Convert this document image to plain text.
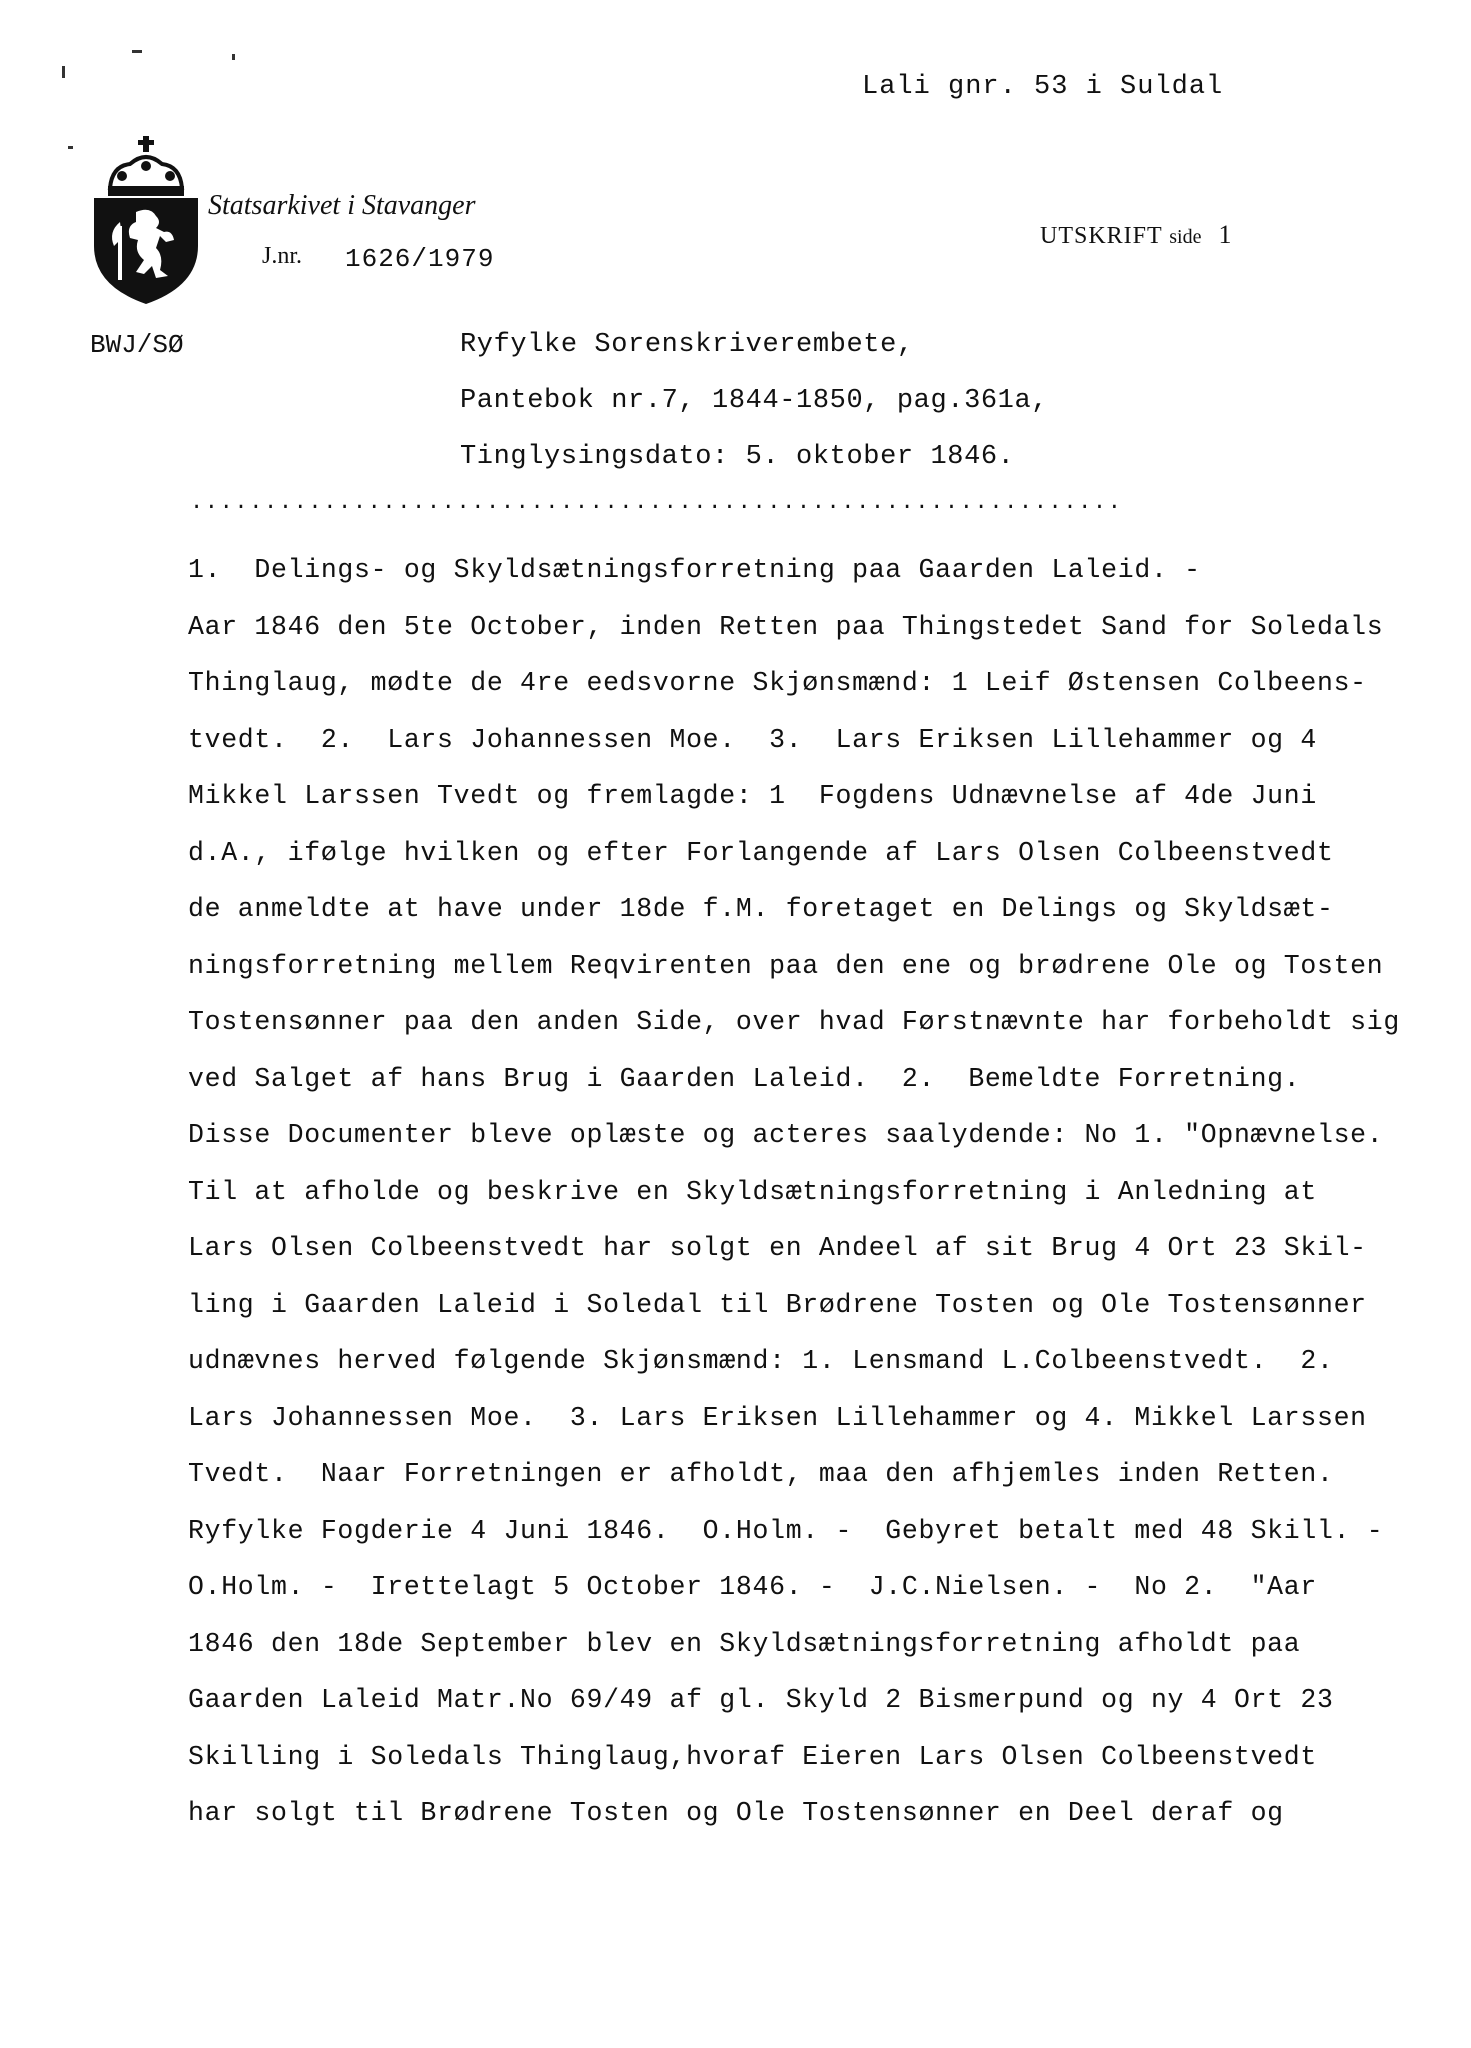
Lali gnr. 53 i Suldal
Statsarkivet i Stavanger
J.nr. 1626/1979
UTSKRIFT side 1
BWJ/SØ	Ryfylke Sorenskriverembete,
Pantebok nr.7, 1844-1850, pag.361a,
Tinglysingsdato: 5. oktober 1846.
...............................................................
1.  Delings- og Skyldsætningsforretning paa Gaarden Laleid. -
Aar 1846 den 5te October, inden Retten paa Thingstedet Sand for Soledals
Thinglaug, mødte de 4re eedsvorne Skjønsmænd: 1 Leif Østensen Colbeens-
tvedt.  2.  Lars Johannessen Moe.  3.  Lars Eriksen Lillehammer og 4
Mikkel Larssen Tvedt og fremlagde: 1  Fogdens Udnævnelse af 4de Juni
d.A., ifølge hvilken og efter Forlangende af Lars Olsen Colbeenstvedt
de anmeldte at have under 18de f.M. foretaget en Delings og Skyldsæt-
ningsforretning mellem Reqvirenten paa den ene og brødrene Ole og Tosten
Tostensønner paa den anden Side, over hvad Førstnævnte har forbeholdt sig
ved Salget af hans Brug i Gaarden Laleid.  2.  Bemeldte Forretning.
Disse Documenter bleve oplæste og acteres saalydende: No 1. "Opnævnelse.
Til at afholde og beskrive en Skyldsætningsforretning i Anledning at
Lars Olsen Colbeenstvedt har solgt en Andeel af sit Brug 4 Ort 23 Skil-
ling i Gaarden Laleid i Soledal til Brødrene Tosten og Ole Tostensønner
udnævnes herved følgende Skjønsmænd: 1. Lensmand L.Colbeenstvedt.  2.
Lars Johannessen Moe.  3. Lars Eriksen Lillehammer og 4. Mikkel Larssen
Tvedt.  Naar Forretningen er afholdt, maa den afhjemles inden Retten.
Ryfylke Fogderie 4 Juni 1846.  O.Holm. -  Gebyret betalt med 48 Skill. -
O.Holm. -  Irettelagt 5 October 1846. -  J.C.Nielsen. -  No 2.  "Aar
1846 den 18de September blev en Skyldsætningsforretning afholdt paa
Gaarden Laleid Matr.No 69/49 af gl. Skyld 2 Bismerpund og ny 4 Ort 23
Skilling i Soledals Thinglaug,hvoraf Eieren Lars Olsen Colbeenstvedt
har solgt til Brødrene Tosten og Ole Tostensønner en Deel deraf og
